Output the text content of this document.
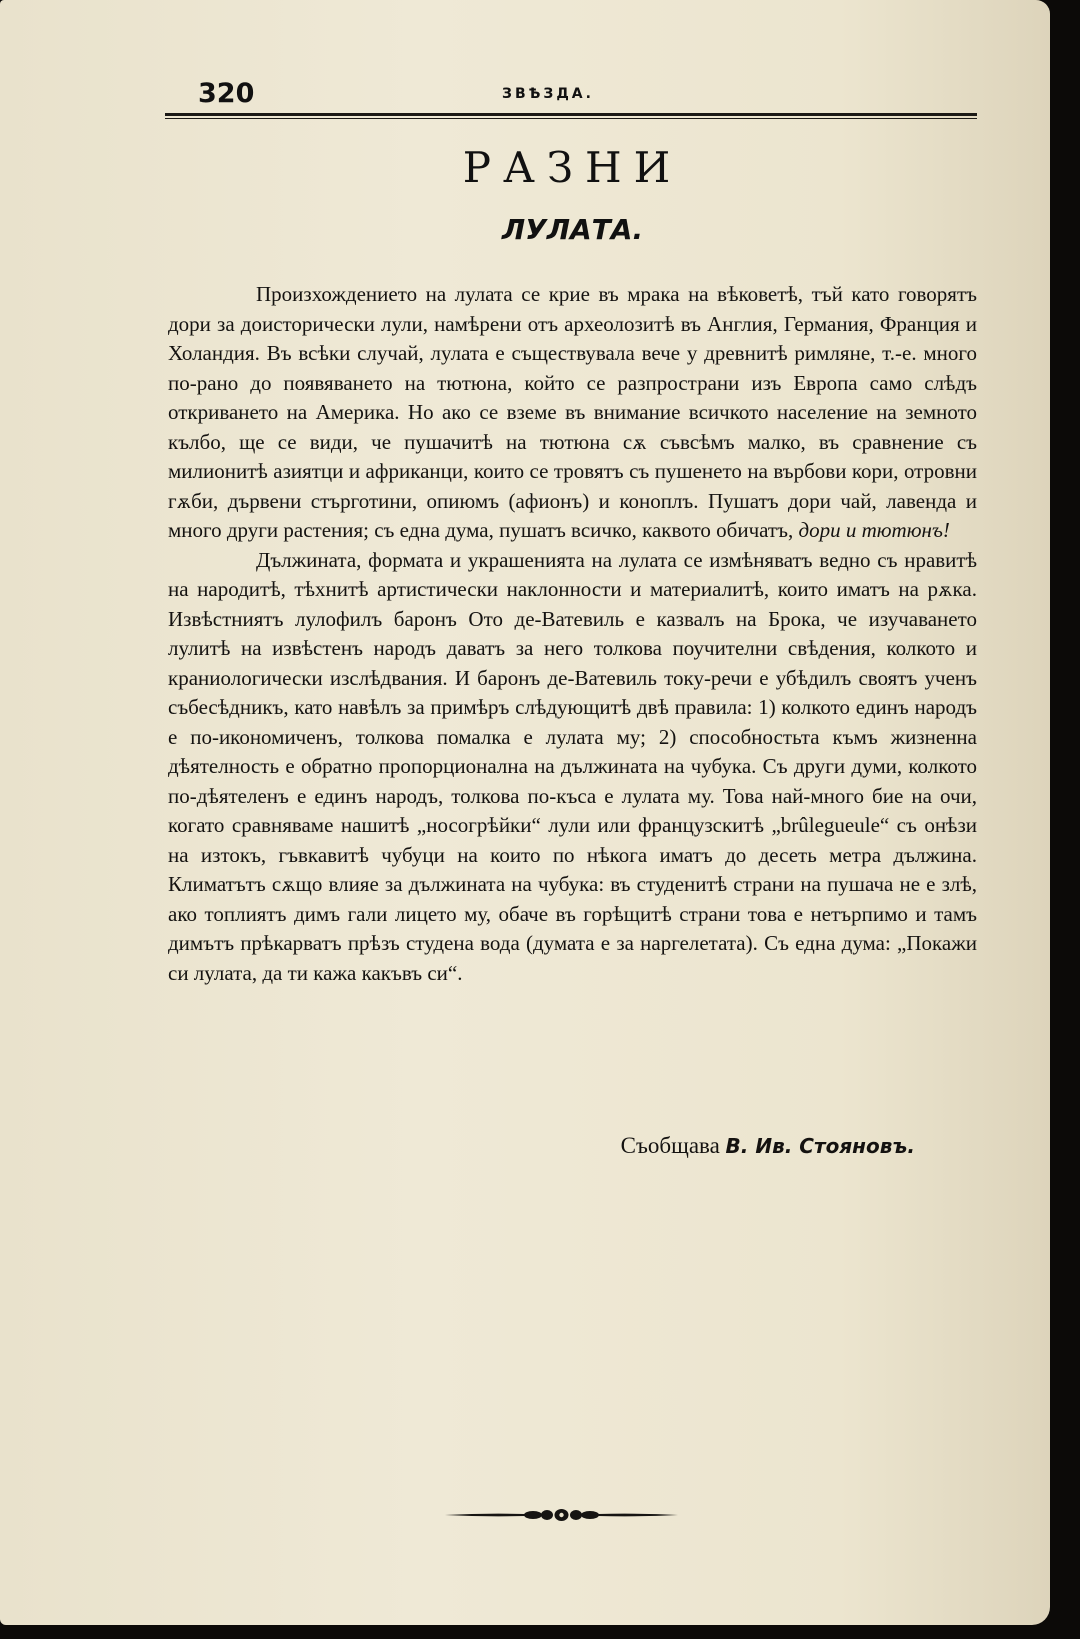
320	ЗВѢЗДА.
РАЗНИ
ЛУЛАТА.

Произхождението на лулата се крие въ мрака на вѣковетѣ, тъй като говорятъ дори за доисторически лули, намѣрени отъ археолозитѣ въ Англия, Германия, Франция и Холандия. Въ всѣки случай, лулата е съществувала вече у древнитѣ римляне, т.-е. много по-рано до появяването на тютюна, който се разпространи изъ Европа само слѣдъ откриването на Америка. Но ако се вземе въ внимание всичкото население на земното кълбо, ще се види, че пушачитѣ на тютюна сѫ съвсѣмъ малко, въ сравнение съ милионитѣ азиятци и африканци, които се тровятъ съ пушенето на върбови кори, отровни гѫби, дървени стърготини, опиюмъ (афионъ) и коноплъ. Пушатъ дори чай, лавенда и много други растения; съ една дума, пушатъ всичко, каквото обичатъ, дори и тютюнъ!

Дължината, формата и украшенията на лулата се измѣняватъ ведно съ нравитѣ на народитѣ, тѣхнитѣ артистически наклонности и материалитѣ, които иматъ на рѫка. Извѣстниятъ лулофилъ баронъ Ото де-Ватевиль е казвалъ на Брока, че изучаването лулитѣ на извѣстенъ народъ даватъ за него толкова поучителни свѣдения, колкото и краниологически изслѣдвания. И баронъ де-Ватевиль току-речи е убѣдилъ своятъ ученъ събесѣдникъ, като навѣлъ за примѣръ слѣдующитѣ двѣ правила: 1) колкото единъ народъ е по-икономиченъ, толкова помалка е лулата му; 2) способностьта къмъ жизненна дѣятелность е обратно пропорционална на дължината на чубука. Съ други думи, колкото по-дѣятеленъ е единъ народъ, толкова по-къса е лулата му. Това най-много бие на очи, когато сравняваме нашитѣ „носогрѣйки“ лули или французскитѣ „brûlegueule“ съ онѣзи на изтокъ, гъвкавитѣ чубуци на които по нѣкога иматъ до десеть метра дължина. Климатътъ сѫщо влияе за дължината на чубука: въ студенитѣ страни на пушача не е злѣ, ако топлиятъ димъ гали лицето му, обаче въ горѣщитѣ страни това е нетърпимо и тамъ димътъ прѣкарватъ прѣзъ студена вода (думата е за наргелетата). Съ една дума: „Покажи си лулата, да ти кажа какъвъ си“.

Съобщава В. Ив. Стояновъ.
